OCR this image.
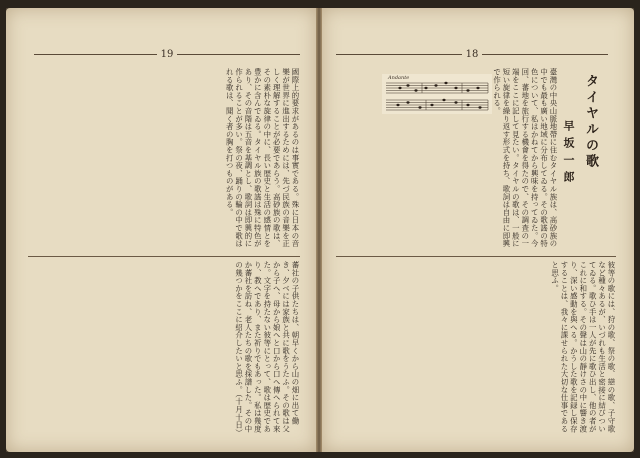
19
國際上的要求があるのは事實である。殊に日本の音樂が世界に進出するためには、先づ民族の音樂を正しく理解することが必要であらう。高砂族の歌は、その素朴な旋律の中に、長い歴史と生活の感情とを豊かに含んでゐる。タイヤル族の歌謠は殊に特色があり、その音階は五音を基調とし、歌詞は即興的に作られることが多い。祭の夜、踊りの輪の中で歌はれる歌は、聞く者の胸を打つものがある。
蕃社の子供たちは、朝早くから山の畑に出て働き、夕べには家族と共に歌をうたふ。その歌は父から子へ、母から娘へと口から口へ傳へられて來た。文字を持たない彼等にとって、歌は歴史であり、教へであり、また祈りでもあった。私は幾度か蕃社を訪ね、老人たちの歌を採譜した。その中の幾つかをここに紹介したいと思ふ。（十月十日）
18
タイヤルの歌
早坂一郎
Andante	臺灣の中央山脈地帶に住むタイヤル族は、高砂族の中でも最も廣い地域に分布してゐる。その歌謠の特色について、私はかねてから興味を持ってゐた。今回、蕃地を旅行する機會を得たので、その調査の一端をここに記して見たい。タイヤルの歌は、一般に短い旋律を繰り返す形式を持ち、歌詞は自由に即興で作られる。
彼等の歌には、狩の歌、祭の歌、戀の歌、子守歌など種々あるが、いづれも生活と密接に結びついてゐる。歌ひ手は一人が先に歌ひ出し、他の者がこれに和する。その聲は山の靜けさの中に響き渡り、深い感動を與へる。かうした歌を記録し保存することは、我々に課せられた大切な仕事であると思ふ。
